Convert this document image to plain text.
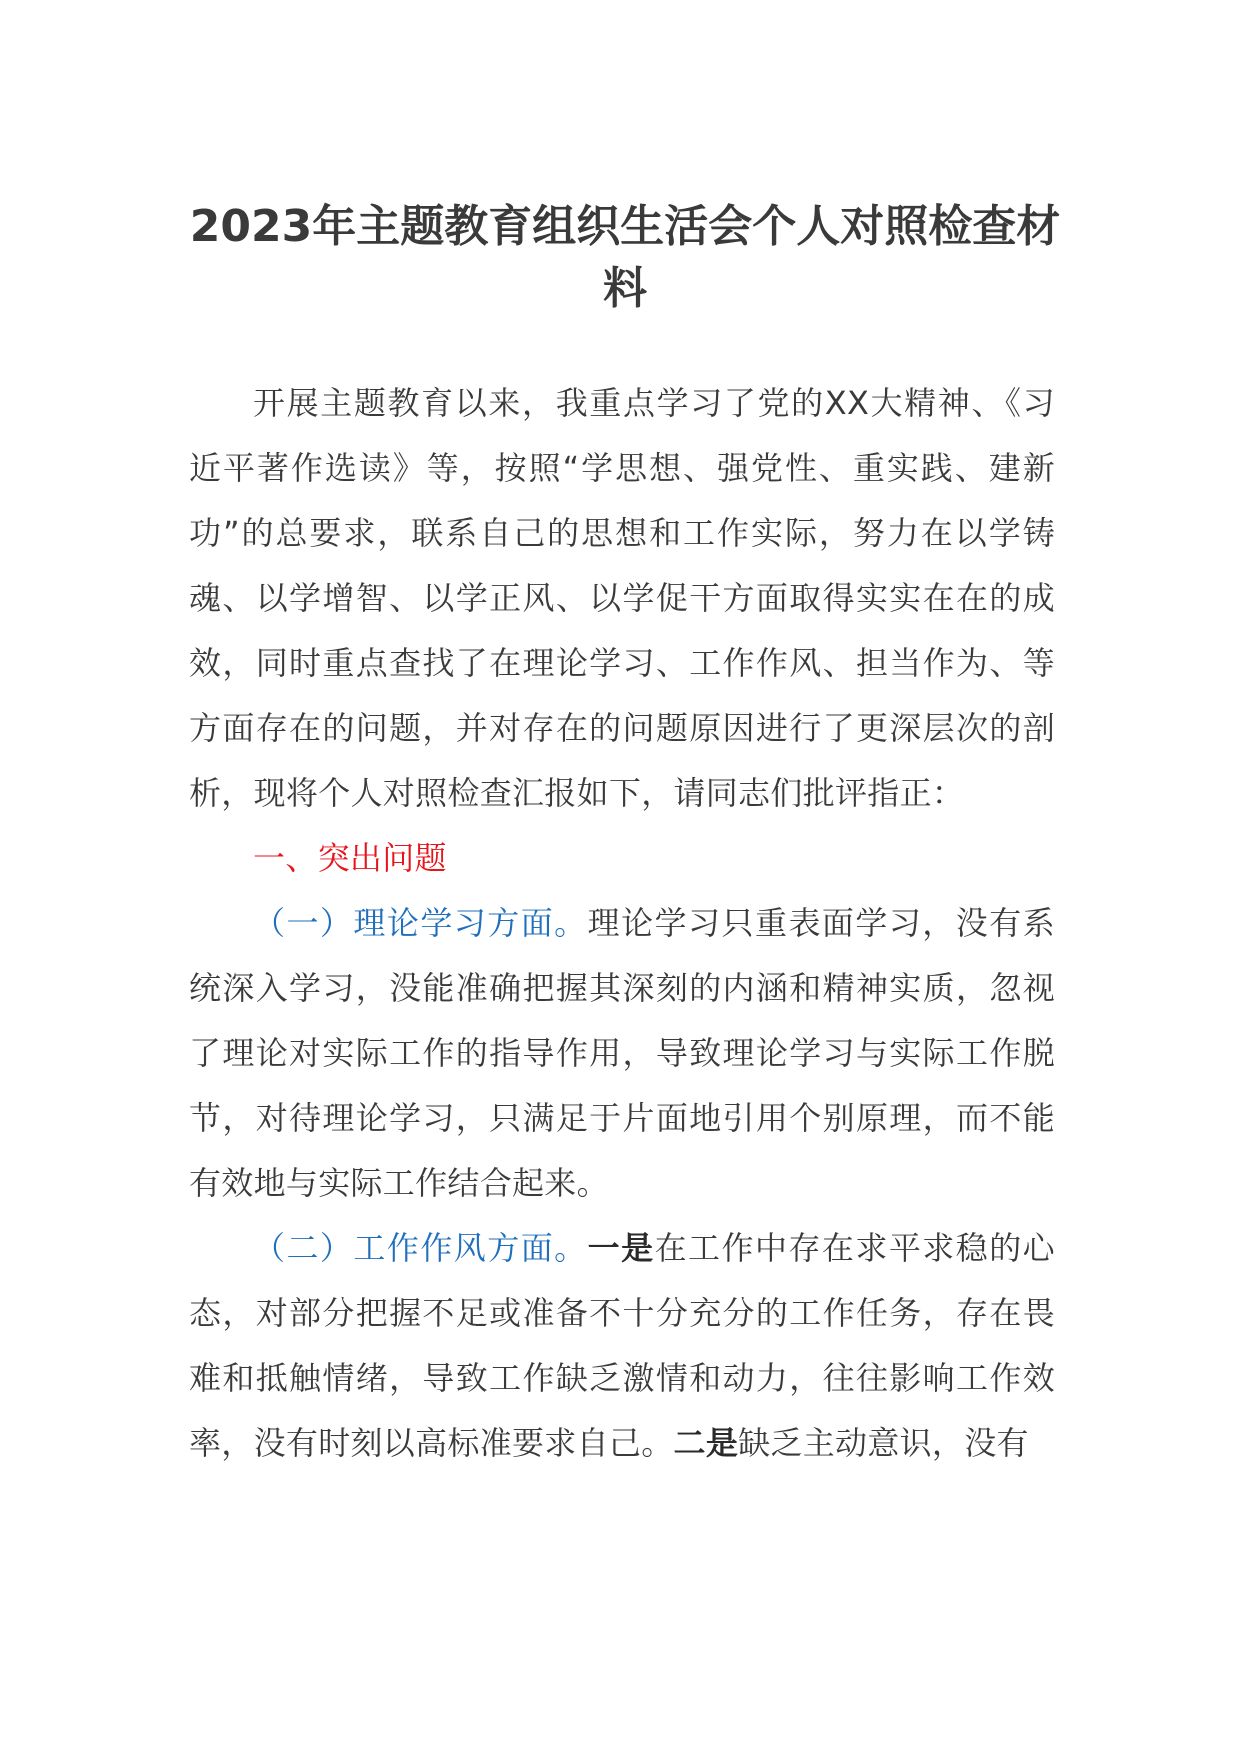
2023年主题教育组织生活会个人对照检查材料

开展主题教育以来，我重点学习了党的XX大精神、《习近平著作选读》等，按照“学思想、强党性、重实践、建新功”的总要求，联系自己的思想和工作实际，努力在以学铸魂、以学增智、以学正风、以学促干方面取得实实在在的成效，同时重点查找了在理论学习、工作作风、担当作为、等方面存在的问题，并对存在的问题原因进行了更深层次的剖析，现将个人对照检查汇报如下，请同志们批评指正：

一、突出问题

（一）理论学习方面。理论学习只重表面学习，没有系统深入学习，没能准确把握其深刻的内涵和精神实质，忽视了理论对实际工作的指导作用，导致理论学习与实际工作脱节，对待理论学习，只满足于片面地引用个别原理，而不能有效地与实际工作结合起来。

（二）工作作风方面。一是在工作中存在求平求稳的心态，对部分把握不足或准备不十分充分的工作任务，存在畏难和抵触情绪，导致工作缺乏激情和动力，往往影响工作效率，没有时刻以高标准要求自己。二是缺乏主动意识，没有
